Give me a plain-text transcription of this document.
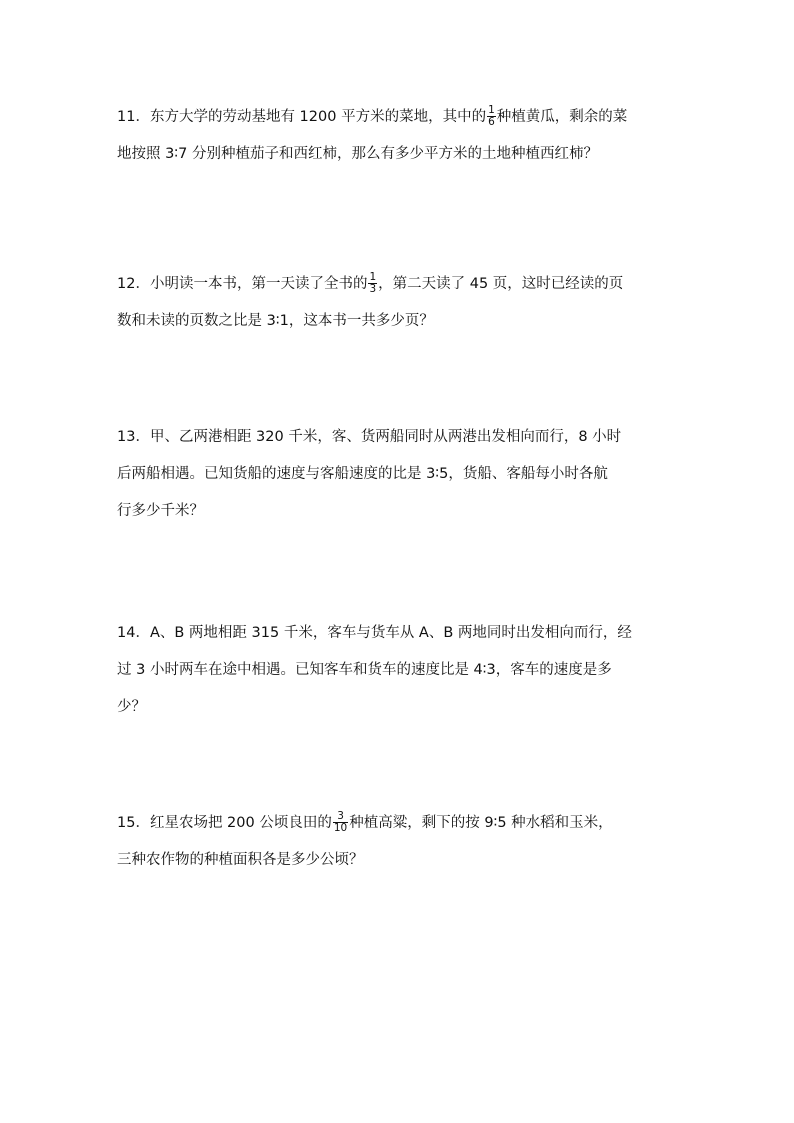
11．东方大学的劳动基地有 1200 平方米的菜地，其中的 $\frac{1}{6}$ 种植黄瓜，剩余的菜
地按照 3∶7 分别种植茄子和西红柿，那么有多少平方米的土地种植西红柿？
12．小明读一本书，第一天读了全书的 $\frac{1}{3}$ ，第二天读了 45 页，这时已经读的页
数和未读的页数之比是 3∶1，这本书一共多少页？
13．甲、乙两港相距 320 千米，客、货两船同时从两港出发相向而行，8 小时
后两船相遇。已知货船的速度与客船速度的比是 3∶5，货船、客船每小时各航
行多少千米？
14．A、B 两地相距 315 千米，客车与货车从 A、B 两地同时出发相向而行，经
过 3 小时两车在途中相遇。已知客车和货车的速度比是 4∶3，客车的速度是多
少？
15．红星农场把 200 公顷良田的 $\frac{3}{10}$ 种植高粱，剩下的按 9∶5 种水稻和玉米，
三种农作物的种植面积各是多少公顷？
